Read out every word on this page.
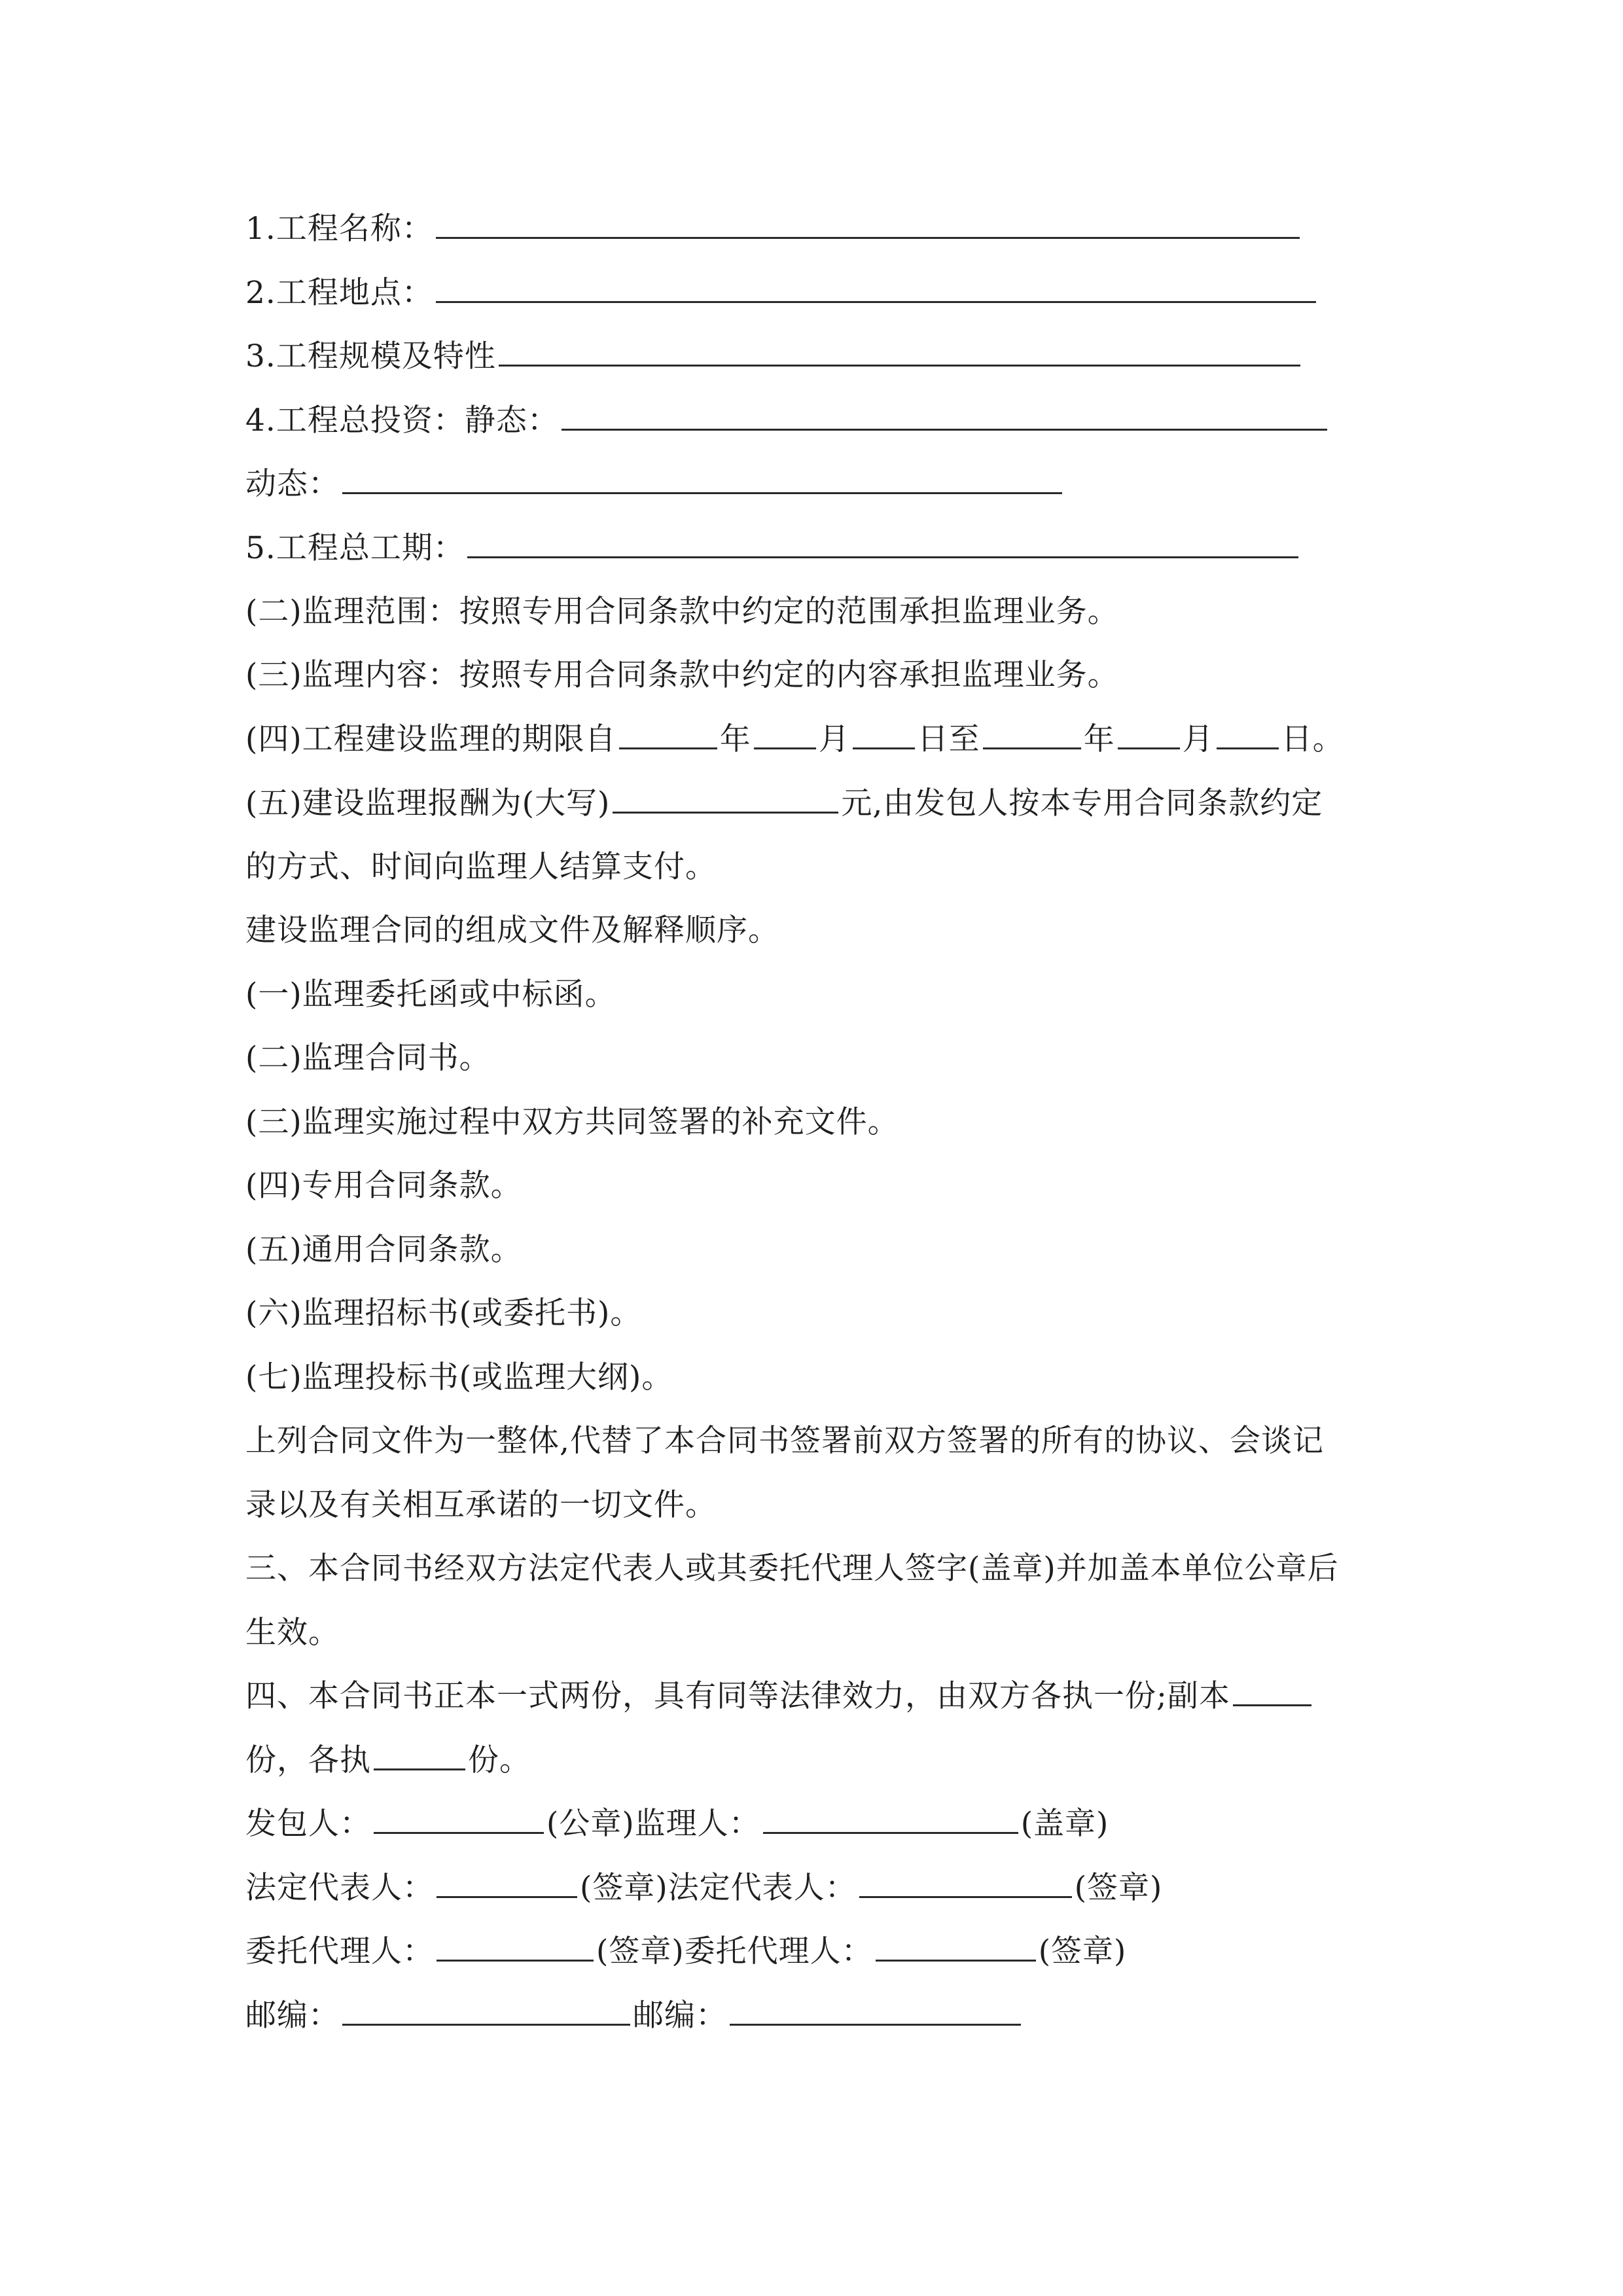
1.工程名称：
2.工程地点：
3.工程规模及特性
4.工程总投资：静态：
动态：
5.工程总工期：
(二)监理范围：按照专用合同条款中约定的范围承担监理业务。
(三)监理内容：按照专用合同条款中约定的内容承担监理业务。
(四)工程建设监理的期限自	年 月 日至	年 月 日。
(五)建设监理报酬为(大写)	元,由发包人按本专用合同条款约定
的方式、时间向监理人结算支付。
建设监理合同的组成文件及解释顺序。
(一)监理委托函或中标函。
(二)监理合同书。
(三)监理实施过程中双方共同签署的补充文件。
(四)专用合同条款。
(五)通用合同条款。
(六)监理招标书(或委托书)。
(七)监理投标书(或监理大纲)。
上列合同文件为一整体,代替了本合同书签署前双方签署的所有的协议、会谈记
录以及有关相互承诺的一切文件。
三、本合同书经双方法定代表人或其委托代理人签字(盖章)并加盖本单位公章后
生效。
四、本合同书正本一式两份，具有同等法律效力，由双方各执一份;副本
份，各执	份。
发包人：	(公章)监理人：	(盖章)
法定代表人：	(签章)法定代表人：	(签章)
委托代理人：	(签章)委托代理人：	(签章)
邮编：	邮编：
